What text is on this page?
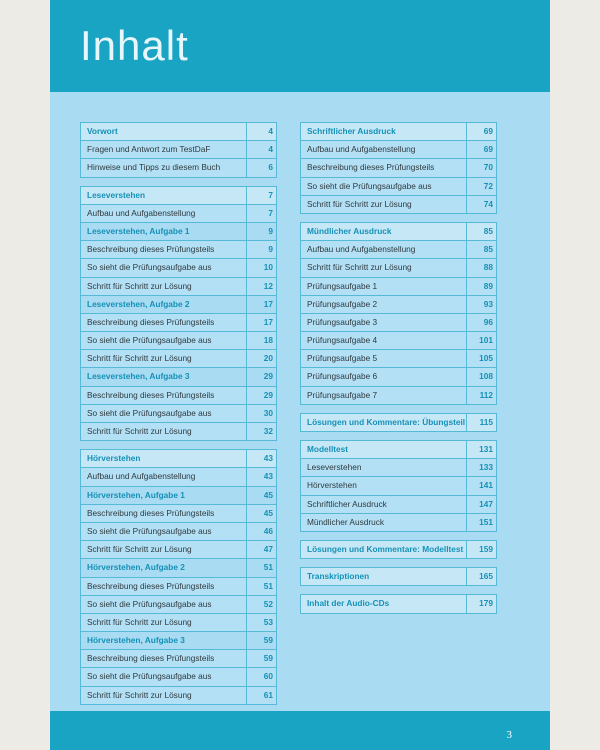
Inhalt
Vorwort	4
Fragen und Antwort zum TestDaF	4
Hinweise und Tipps zu diesem Buch	6
Leseverstehen	7
Aufbau und Aufgabenstellung	7
Leseverstehen, Aufgabe 1	9
Beschreibung dieses Prüfungsteils	9
So sieht die Prüfungsaufgabe aus	10
Schritt für Schritt zur Lösung	12
Leseverstehen, Aufgabe 2	17
Beschreibung dieses Prüfungsteils	17
So sieht die Prüfungsaufgabe aus	18
Schritt für Schritt zur Lösung	20
Leseverstehen, Aufgabe 3	29
Beschreibung dieses Prüfungsteils	29
So sieht die Prüfungsaufgabe aus	30
Schritt für Schritt zur Lösung	32
Hörverstehen	43
Aufbau und Aufgabenstellung	43
Hörverstehen, Aufgabe 1	45
Beschreibung dieses Prüfungsteils	45
So sieht die Prüfungsaufgabe aus	46
Schritt für Schritt zur Lösung	47
Hörverstehen, Aufgabe 2	51
Beschreibung dieses Prüfungsteils	51
So sieht die Prüfungsaufgabe aus	52
Schritt für Schritt zur Lösung	53
Hörverstehen, Aufgabe 3	59
Beschreibung dieses Prüfungsteils	59
So sieht die Prüfungsaufgabe aus	60
Schritt für Schritt zur Lösung	61
Schriftlicher Ausdruck	69
Aufbau und Aufgabenstellung	69
Beschreibung dieses Prüfungsteils	70
So sieht die Prüfungsaufgabe aus	72
Schritt für Schritt zur Lösung	74
Mündlicher Ausdruck	85
Aufbau und Aufgabenstellung	85
Schritt für Schritt zur Lösung	88
Prüfungsaufgabe 1	89
Prüfungsaufgabe 2	93
Prüfungsaufgabe 3	96
Prüfungsaufgabe 4	101
Prüfungsaufgabe 5	105
Prüfungsaufgabe 6	108
Prüfungsaufgabe 7	112
Lösungen und Kommentare: Übungsteil	115
Modelltest	131
Leseverstehen	133
Hörverstehen	141
Schriftlicher Ausdruck	147
Mündlicher Ausdruck	151
Lösungen und Kommentare: Modelltest	159
Transkriptionen	165
Inhalt der Audio-CDs	179
3
